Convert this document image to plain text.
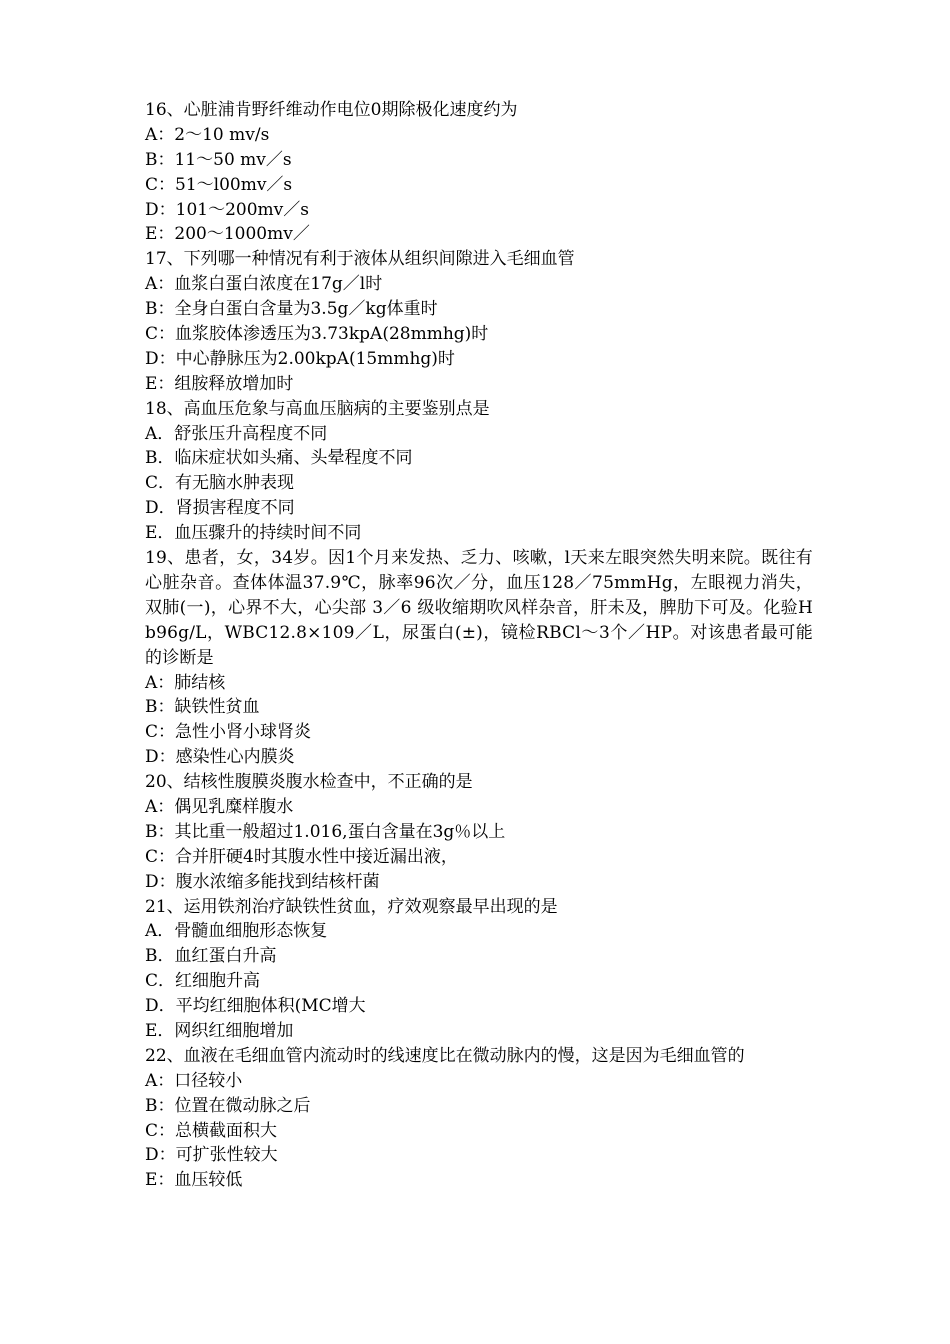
16、心脏浦肯野纤维动作电位0期除极化速度约为
A：2～10 mv/s
B：11～50 mv／s
C：51～l00mv／s
D：101～200mv／s
E：200～1000mv／
17、下列哪一种情况有利于液体从组织间隙进入毛细血管
A：血浆白蛋白浓度在17g／l时
B：全身白蛋白含量为3.5g／kg体重时
C：血浆胶体渗透压为3.73kpA(28mmhg)时
D：中心静脉压为2.00kpA(15mmhg)时
E：组胺释放增加时
18、高血压危象与高血压脑病的主要鉴别点是
A．舒张压升高程度不同
B．临床症状如头痛、头晕程度不同
C．有无脑水肿表现
D．肾损害程度不同
E．血压骤升的持续时间不同
19、患者，女，34岁。因1个月来发热、乏力、咳嗽，l天来左眼突然失明来院。既往有心脏杂音。查体体温37.9℃，脉率96次／分，血压128／75mmHg，左眼视力消失，双肺(一)，心界不大，心尖部 3／6 级收缩期吹风样杂音，肝未及，脾肋下可及。化验Hb96g/L，WBC12.8×109／L，尿蛋白(±)，镜检RBCl～3个／HP。对该患者最可能的诊断是
A：肺结核
B：缺铁性贫血
C：急性小肾小球肾炎
D：感染性心内膜炎
20、结核性腹膜炎腹水检查中，不正确的是
A：偶见乳糜样腹水
B：其比重一般超过1.016,蛋白含量在3g％以上
C：合并肝硬4时其腹水性中接近漏出液，
D：腹水浓缩多能找到结核杆菌
21、运用铁剂治疗缺铁性贫血，疗效观察最早出现的是
A．骨髓血细胞形态恢复
B．血红蛋白升高
C．红细胞升高
D．平均红细胞体积(MC增大
E．网织红细胞增加
22、血液在毛细血管内流动时的线速度比在微动脉内的慢，这是因为毛细血管的
A：口径较小
B：位置在微动脉之后
C：总横截面积大
D：可扩张性较大
E：血压较低
